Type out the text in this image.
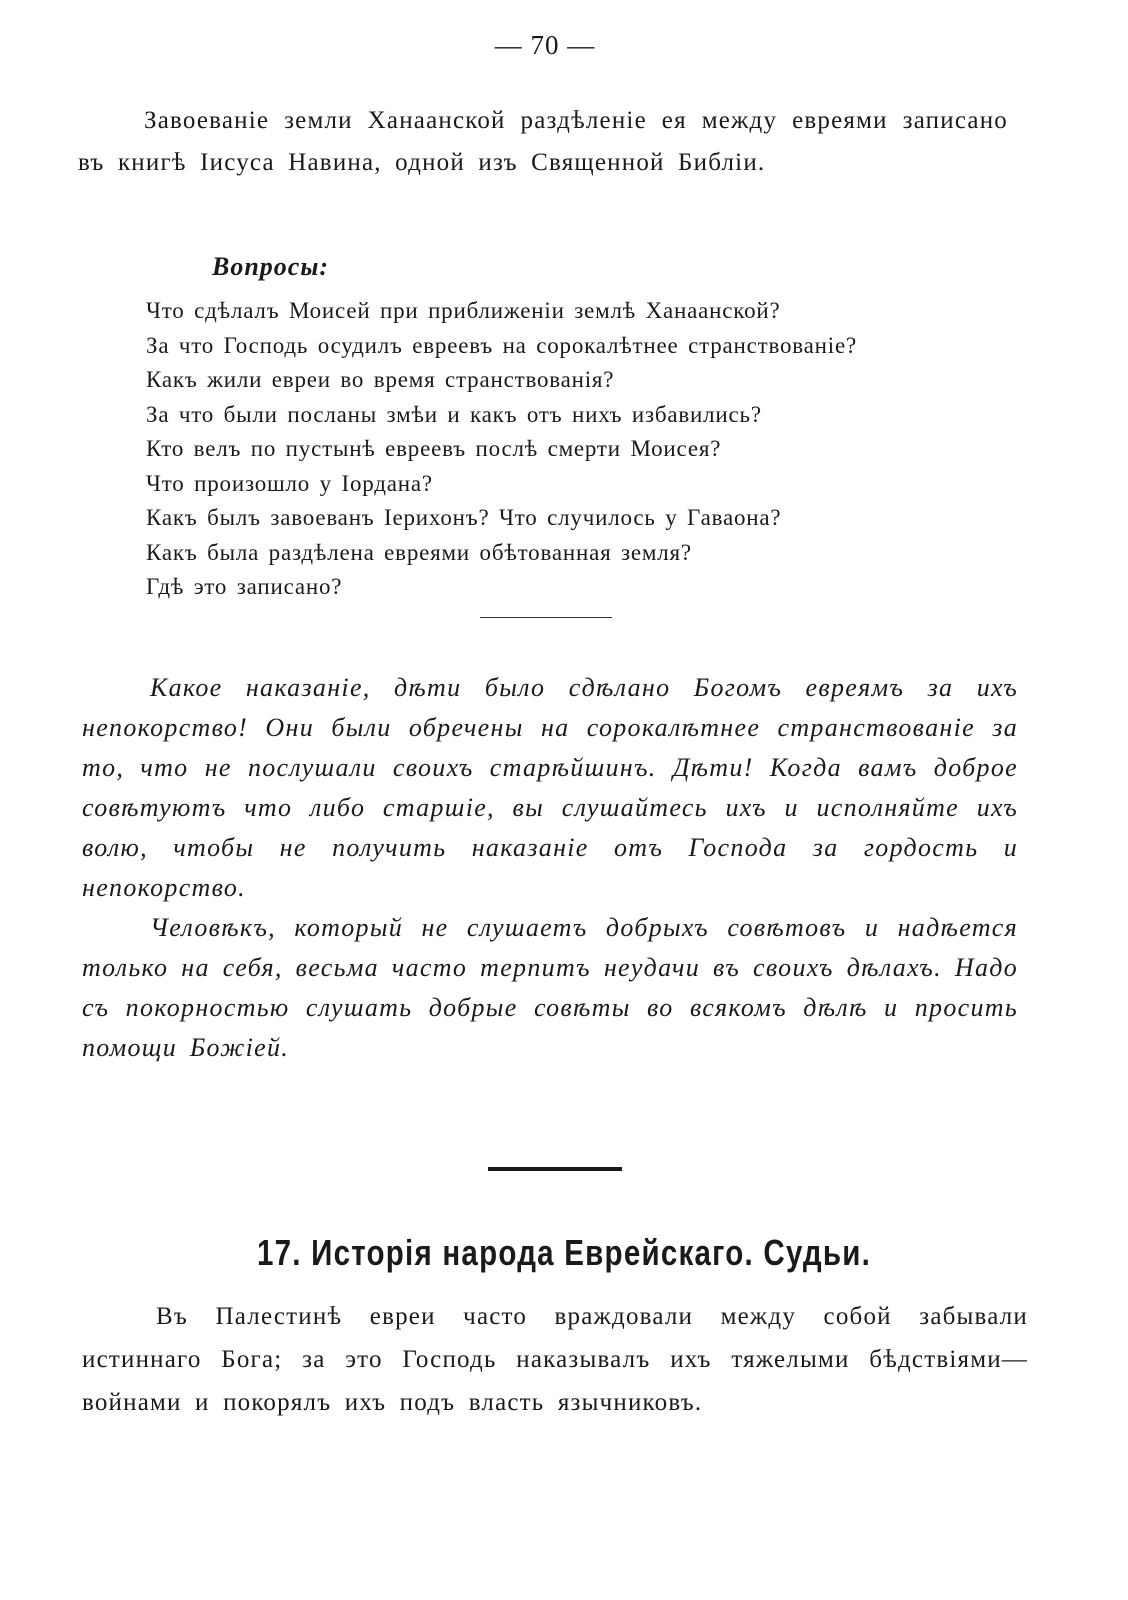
— 70 —

Завоеваніе земли Ханаанской раздѣленіе ея между евреями записано въ книгѣ Іисуса Навина, одной изъ Священной Библіи.

Вопросы:
Что сдѣлалъ Моисей при приближеніи землѣ Ханаанской?
За что Господь осудилъ евреевъ на сорокалѣтнее странствованіе?
Какъ жили евреи во время странствованія?
За что были посланы змѣи и какъ отъ нихъ избавились?
Кто велъ по пустынѣ евреевъ послѣ смерти Моисея?
Что произошло у Іордана?
Какъ былъ завоеванъ Іерихонъ? Что случилось у Гаваона?
Какъ была раздѣлена евреями обѣтованная земля?
Гдѣ это записано?

Какое наказаніе, дѣти было сдѣлано Богомъ евреямъ за ихъ непокорство! Они были обречены на сорокалѣтнее странствованіе за то, что не послушали своихъ старѣйшинъ. Дѣти! Когда вамъ доброе совѣтуютъ что либо старшіе, вы слушайтесь ихъ и исполняйте ихъ волю, чтобы не получить наказаніе отъ Господа за гордость и непокорство.

Человѣкъ, который не слушаетъ добрыхъ совѣтовъ и надѣется только на себя, весьма часто терпитъ неудачи въ своихъ дѣлахъ. Надо съ покорностью слушать добрые совѣты во всякомъ дѣлѣ и просить помощи Божіей.

17. Исторія народа Еврейскаго. Судьи.

Въ Палестинѣ евреи часто враждовали между собой забывали истиннаго Бога; за это Господь наказывалъ ихъ тяжелыми бѣдствіями—войнами и покорялъ ихъ подъ власть язычниковъ.
